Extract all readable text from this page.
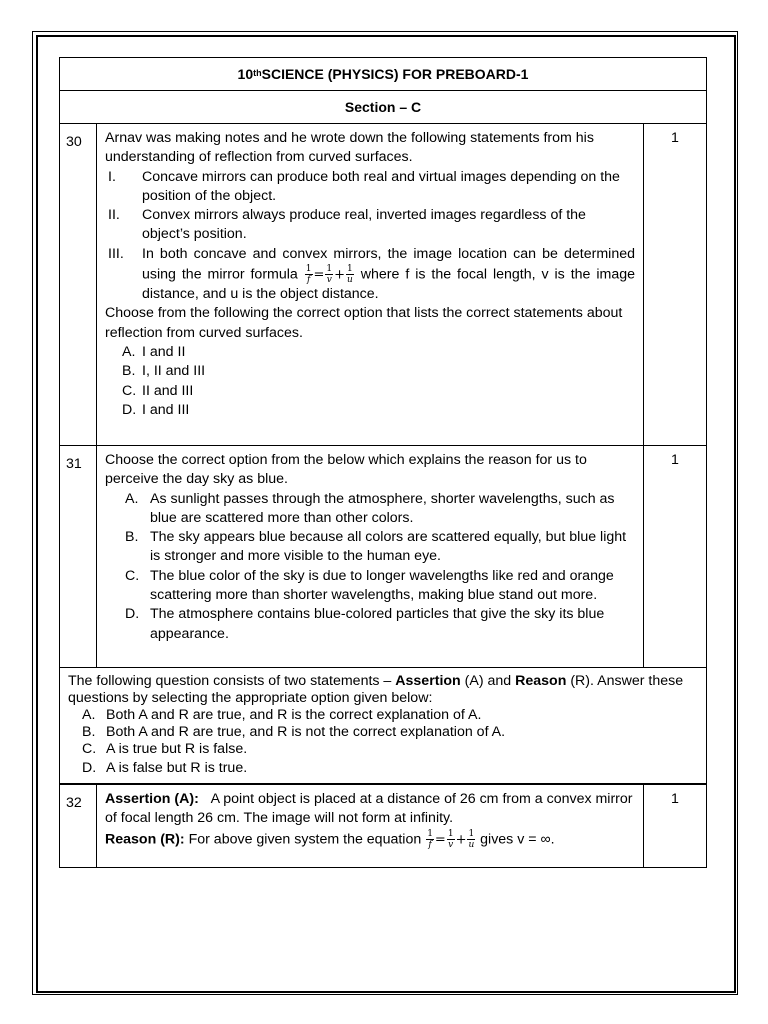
10th SCIENCE (PHYSICS) FOR PREBOARD-1
Section – C
30	Arnav was making notes and he wrote down the following statements from his understanding of reflection from curved surfaces.
I.	Concave mirrors can produce both real and virtual images depending on the position of the object.
II.	Convex mirrors always produce real, inverted images regardless of the object’s position.
III.	In both concave and convex mirrors, the image location can be determined using the mirror formula $\frac{1}{f} = \frac{1}{v} + \frac{1}{u}$ where f is the focal length, v is the image distance, and u is the object distance.
Choose from the following the correct option that lists the correct statements about reflection from curved surfaces.
A. I and II
B. I, II and III
C. II and III
D. I and III
1
31	Choose the correct option from the below which explains the reason for us to perceive the day sky as blue.
A. As sunlight passes through the atmosphere, shorter wavelengths, such as blue are scattered more than other colors.
B. The sky appears blue because all colors are scattered equally, but blue light is stronger and more visible to the human eye.
C. The blue color of the sky is due to longer wavelengths like red and orange scattering more than shorter wavelengths, making blue stand out more.
D. The atmosphere contains blue-colored particles that give the sky its blue appearance.
1
The following question consists of two statements – Assertion (A) and Reason (R). Answer these questions by selecting the appropriate option given below:
A. Both A and R are true, and R is the correct explanation of A.
B. Both A and R are true, and R is not the correct explanation of A.
C. A is true but R is false.
D. A is false but R is true.
32	Assertion (A): A point object is placed at a distance of 26 cm from a convex mirror of focal length 26 cm. The image will not form at infinity.
Reason (R): For above given system the equation $\frac{1}{f} = \frac{1}{v} + \frac{1}{u}$ gives v = ∞.
1
